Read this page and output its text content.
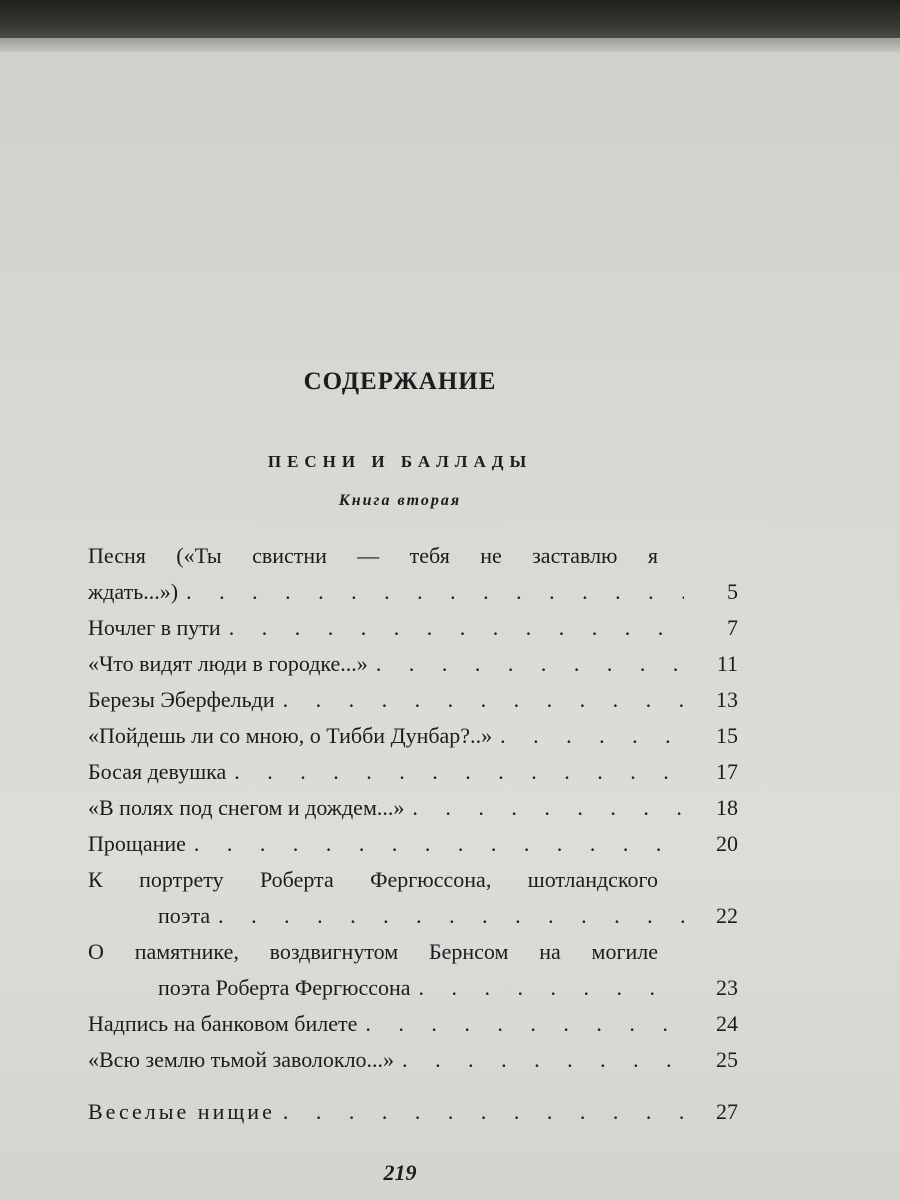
СОДЕРЖАНИЕ
ПЕСНИ И БАЛЛАДЫ
Книга вторая
Песня («Ты свистни — тебя не заставлю я
ждать...») . . .	5
Ночлег в пути . . .	7
«Что видят люди в городке...» . . .	11
Березы Эберфельди . . .	13
«Пойдешь ли со мною, о Тибби Дунбар?..» . . .	15
Босая девушка . . .	17
«В полях под снегом и дождем...» . . .	18
Прощание . . .	20
К портрету Роберта Фергюссона, шотландского
поэта . . .	22
О памятнике, воздвигнутом Бернсом на могиле
поэта Роберта Фергюссона . . .	23
Надпись на банковом билете . . .	24
«Всю землю тьмой заволокло...» . . .	25
Веселые нищие . . .	27
219
